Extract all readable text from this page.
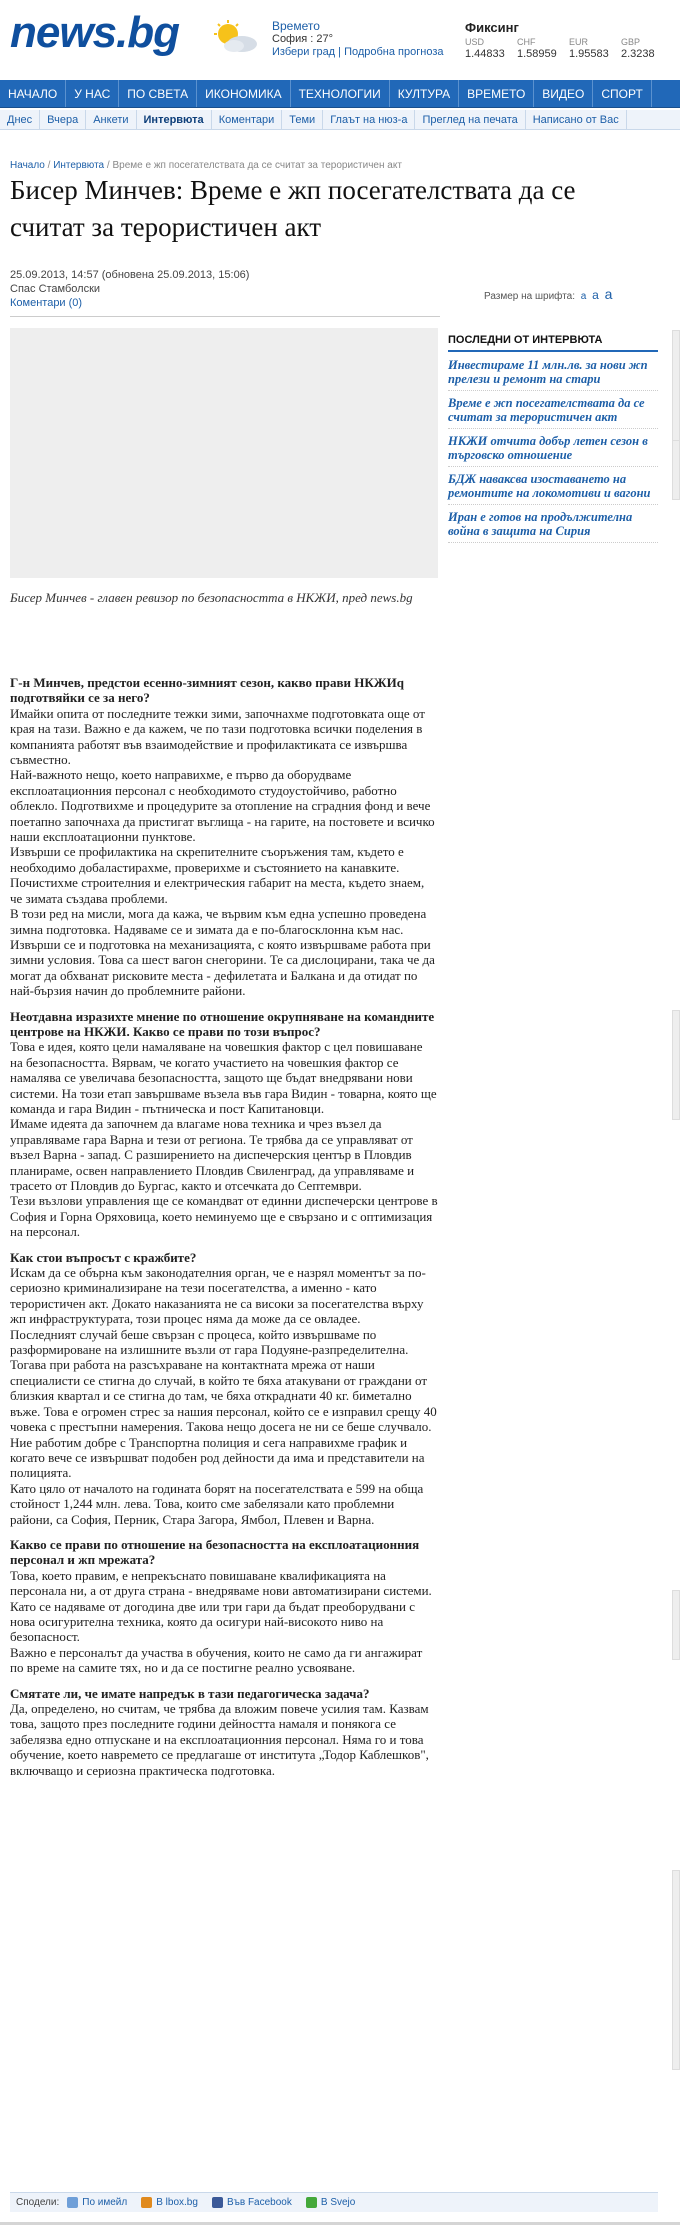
news.bg	Времето
София : 27°
Избери град | Подробна прогноза
Фиксинг
USD	CHF	EUR	GBP
1.44833	1.58959	1.95583	2.3238
НАЧАЛО	У НАС	ПО СВЕТА	ИКОНОМИКА	ТЕХНОЛОГИИ	КУЛТУРА	ВРЕМЕТО	ВИДЕО	СПОРТ
Днес	Вчера	Анкети	Интервюта	Коментари	Теми	Глаът на нюз-а	Преглед на печата	Написано от Вас
Начало / Интервюта / Време е жп посегателствата да се считат за терористичен акт
Бисер Минчев: Време е жп посегателствата да се считат за терористичен акт
25.09.2013, 14:57 (обновена 25.09.2013, 15:06)
Спас Стамболски
Коментари (0)
Размер на шрифта: а а а
Бисер Минчев - главен ревизор по безопасността в НКЖИ, пред news.bg
Г-н Минчев, предстои есенно-зимният сезон, какво прави НКЖИq подготвяйки се за него?
Имайки опита от последните тежки зими, започнахме подготовката още от края на тази. Важно е да кажем, че по тази подготовка всички поделения в компанията работят във взаимодействие и профилактиката се извършва съвместно.
Най-важното нещо, което направихме, е първо да оборудваме експлоатационния персонал с необходимото студоустойчиво, работно облекло. Подготвихме и процедурите за отопление на сградния фонд и вече поетапно започнаха да пристигат въглища - на гарите, на постовете и всичко наши експлоатационни пунктове.
Извърши се профилактика на скрепителните съоръжения там, където е необходимо добаластирахме, проверихме и състоянието на канавките. Почистихме строителния и електрическия габарит на места, където знаем, че зимата създава проблеми.
В този ред на мисли, мога да кажа, че вървим към една успешно проведена зимна подготовка. Надяваме се и зимата да е по-благосклонна към нас.
Извърши се и подготовка на механизацията, с която извършваме работа при зимни условия. Това са шест вагон снегорини. Те са дислоцирани, така че да могат да обхванат рисковите места - дефилетата и Балкана и да отидат по най-бързия начин до проблемните райони.
Неотдавна изразихте мнение по отношение окрупняване на командните центрове на НКЖИ. Какво се прави по този въпрос?
Това е идея, която цели намаляване на човешкия фактор с цел повишаване на безопасността. Вярвам, че когато участието на човешкия фактор се намалява се увеличава безопасността, защото ще бъдат внедрявани нови системи. На този етап завършваме възела във гара Видин - товарна, която ще команда и гара Видин - пътническа и пост Капитановци.
Имаме идеята да започнем да влагаме нова техника и чрез възел да управляваме гара Варна и тези от региона. Те трябва да се управляват от възел Варна - запад. С разширението на диспечерския център в Пловдив планираме, освен направлението Пловдив Свиленград, да управляваме и трасето от Пловдив до Бургас, както и отсечката до Септември.
Тези възлови управления ще се командват от единни диспечерски центрове в София и Горна Оряховица, което неминуемо ще е свързано и с оптимизация на персонал.
Как стои въпросът с кражбите?
Искам да се обърна към законодателния орган, че е назрял моментът за по-сериозно криминализиране на тези посегателства, а именно - като терористичен акт. Докато наказанията не са високи за посегателства върху жп инфраструктурата, този процес няма да може да се овладее.
Последният случай беше свързан с процеса, който извършваме по разформироване на излишните възли от гара Подуяне-разпределителна. Тогава при работа на разсъхраване на контактната мрежа от наши специалисти се стигна до случай, в който те бяха атакувани от граждани от близкия квартал и се стигна до там, че бяха откраднати 40 кг. биметално въже. Това е огромен стрес за нашия персонал, който се е изправил срещу 40 човека с престъпни намерения. Такова нещо досега не ни се беше случвало.
Ние работим добре с Транспортна полиция и сега направихме график и когато вече се извършват подобен род дейности да има и представители на полицията.
Като цяло от началото на годината борят на посегателствата е 599 на обща стойност 1,244 млн. лева. Това, които сме забелязали като проблемни райони, са София, Перник, Стара Загора, Ямбол, Плевен и Варна.
Какво се прави по отношение на безопасността на експлоатационния персонал и жп мрежата?
Това, което правим, е непрекъснато повишаване квалификацията на персонала ни, а от друга страна - внедряваме нови автоматизирани системи. Като се надяваме от догодина две или три гари да бъдат преоборудвани с нова осигурителна техника, която да осигури най-високото ниво на безопасност.
Важно е персоналът да участва в обучения, които не само да ги ангажират по време на самите тях, но и да се постигне реално усвояване.
Смятате ли, че имате напредък в тази педагогическа задача?
Да, определено, но считам, че трябва да вложим повече усилия там. Казвам това, защото през последните години дейността намаля и понякога се забелязва едно отпускане и на експлоатационния персонал. Няма го и това обучение, което навремето се предлагаше от института „Тодор Каблешков", включващо и сериозна практическа подготовка.
ПОСЛЕДНИ ОТ ИНТЕРВЮТА
Инвестираме 11 млн.лв. за нови жп прелези и ремонт на стари
Време е жп посегателствата да се считат за терористичен акт
НКЖИ отчита добър летен сезон в търговско отношение
БДЖ наваксва изоставането на ремонтите на локомотиви и вагони
Иран е готов на продължителна война в защита на Сирия
Сподели: По имейл	В lbox.bg	Във Facebook	В Svejo
